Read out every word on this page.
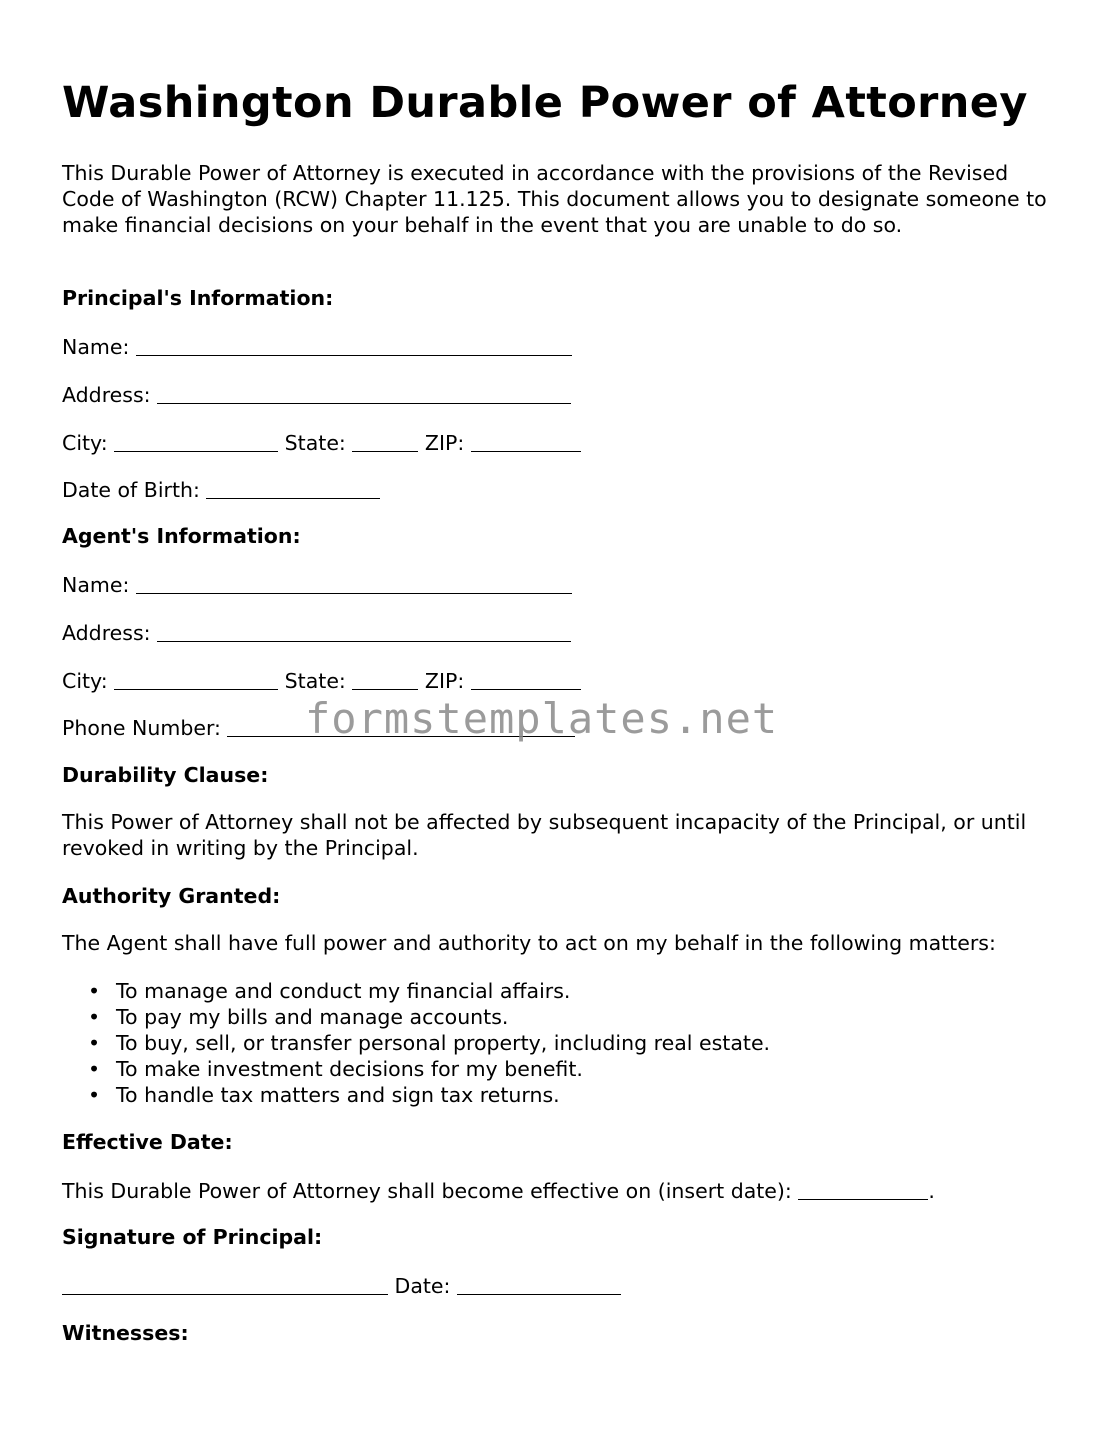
Washington Durable Power of Attorney
This Durable Power of Attorney is executed in accordance with the provisions of the Revised Code of Washington (RCW) Chapter 11.125. This document allows you to designate someone to make financial decisions on your behalf in the event that you are unable to do so.
Principal's Information:
Name:
Address:
City:	State:	ZIP:
Date of Birth:
Agent's Information:
Name:
Address:
City:	State:	ZIP:
Phone Number:
Durability Clause:
This Power of Attorney shall not be affected by subsequent incapacity of the Principal, or until revoked in writing by the Principal.
Authority Granted:
The Agent shall have full power and authority to act on my behalf in the following matters:
• To manage and conduct my financial affairs.
• To pay my bills and manage accounts.
• To buy, sell, or transfer personal property, including real estate.
• To make investment decisions for my benefit.
• To handle tax matters and sign tax returns.
Effective Date:
This Durable Power of Attorney shall become effective on (insert date):	.
Signature of Principal:
Date:
Witnesses:
formstemplates.net
